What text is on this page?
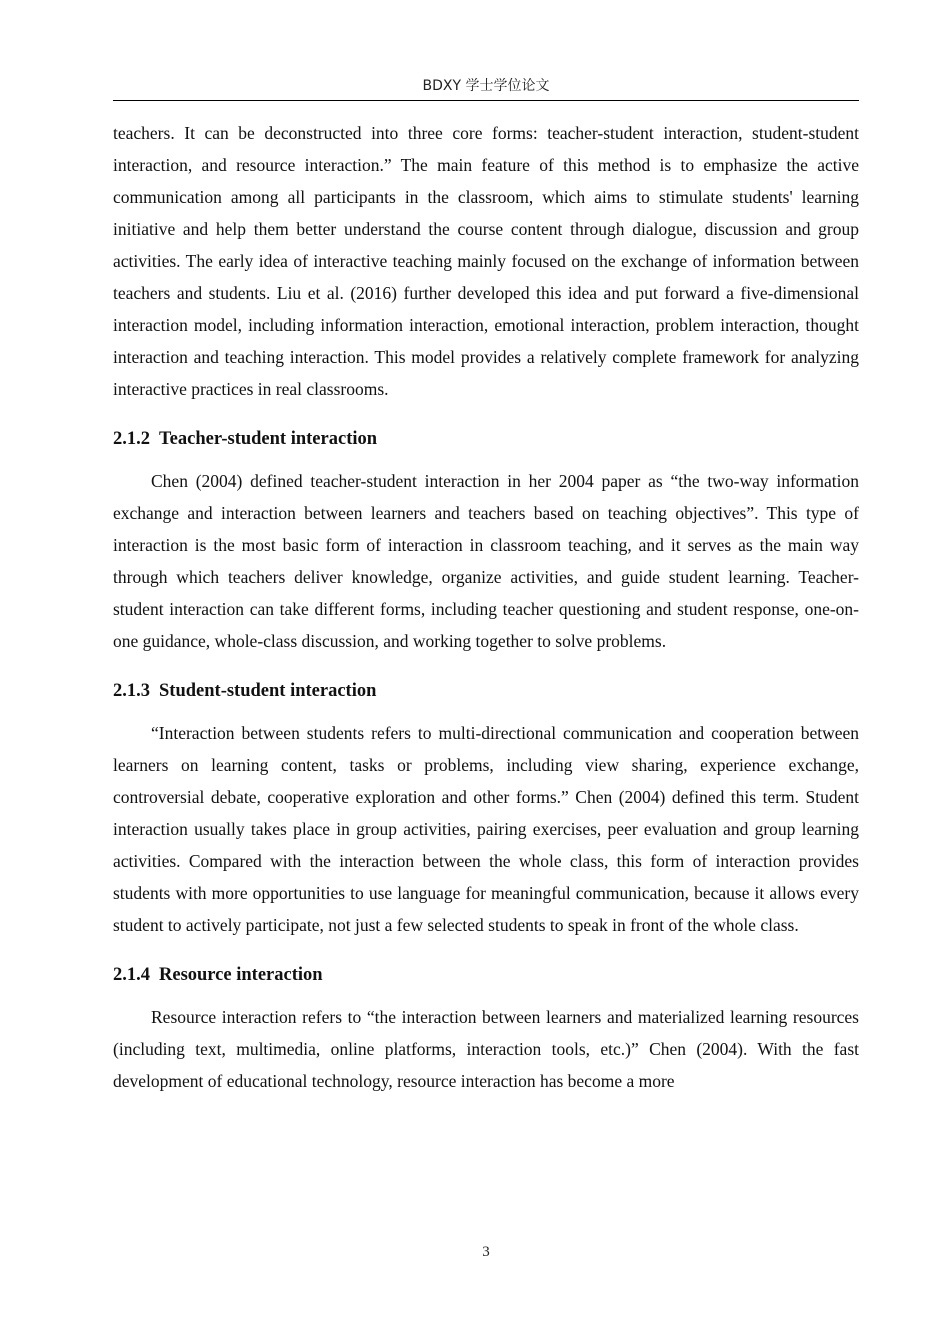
BDXY 学士学位论文

teachers. It can be deconstructed into three core forms: teacher-student interaction, student-student interaction, and resource interaction.” The main feature of this method is to emphasize the active communication among all participants in the classroom, which aims to stimulate students' learning initiative and help them better understand the course content through dialogue, discussion and group activities. The early idea of interactive teaching mainly focused on the exchange of information between teachers and students. Liu et al. (2016) further developed this idea and put forward a five-dimensional interaction model, including information interaction, emotional interaction, problem interaction, thought interaction and teaching interaction. This model provides a relatively complete framework for analyzing interactive practices in real classrooms.

2.1.2 Teacher-student interaction

Chen (2004) defined teacher-student interaction in her 2004 paper as “the two-way information exchange and interaction between learners and teachers based on teaching objectives”. This type of interaction is the most basic form of interaction in classroom teaching, and it serves as the main way through which teachers deliver knowledge, organize activities, and guide student learning. Teacher-student interaction can take different forms, including teacher questioning and student response, one-on-one guidance, whole-class discussion, and working together to solve problems.

2.1.3 Student-student interaction

“Interaction between students refers to multi-directional communication and cooperation between learners on learning content, tasks or problems, including view sharing, experience exchange, controversial debate, cooperative exploration and other forms.” Chen (2004) defined this term. Student interaction usually takes place in group activities, pairing exercises, peer evaluation and group learning activities. Compared with the interaction between the whole class, this form of interaction provides students with more opportunities to use language for meaningful communication, because it allows every student to actively participate, not just a few selected students to speak in front of the whole class.

2.1.4 Resource interaction

Resource interaction refers to “the interaction between learners and materialized learning resources (including text, multimedia, online platforms, interaction tools, etc.)” Chen (2004). With the fast development of educational technology, resource interaction has become a more

3
